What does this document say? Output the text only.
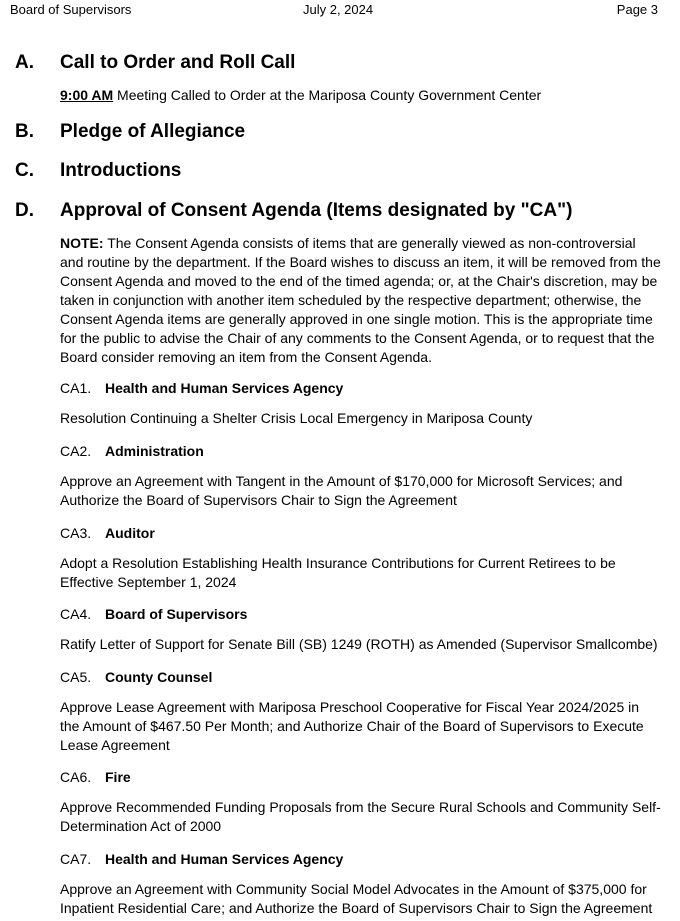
Board of Supervisors	July 2, 2024	Page 3
A. Call to Order and Roll Call
9:00 AM Meeting Called to Order at the Mariposa County Government Center
B. Pledge of Allegiance
C. Introductions
D. Approval of Consent Agenda (Items designated by "CA")
NOTE: The Consent Agenda consists of items that are generally viewed as non-controversial and routine by the department. If the Board wishes to discuss an item, it will be removed from the Consent Agenda and moved to the end of the timed agenda; or, at the Chair's discretion, may be taken in conjunction with another item scheduled by the respective department; otherwise, the Consent Agenda items are generally approved in one single motion. This is the appropriate time for the public to advise the Chair of any comments to the Consent Agenda, or to request that the Board consider removing an item from the Consent Agenda.
CA1. Health and Human Services Agency
Resolution Continuing a Shelter Crisis Local Emergency in Mariposa County
CA2. Administration
Approve an Agreement with Tangent in the Amount of $170,000 for Microsoft Services; and Authorize the Board of Supervisors Chair to Sign the Agreement
CA3. Auditor
Adopt a Resolution Establishing Health Insurance Contributions for Current Retirees to be Effective September 1, 2024
CA4. Board of Supervisors
Ratify Letter of Support for Senate Bill (SB) 1249 (ROTH) as Amended (Supervisor Smallcombe)
CA5. County Counsel
Approve Lease Agreement with Mariposa Preschool Cooperative for Fiscal Year 2024/2025 in the Amount of $467.50 Per Month; and Authorize Chair of the Board of Supervisors to Execute Lease Agreement
CA6. Fire
Approve Recommended Funding Proposals from the Secure Rural Schools and Community Self-Determination Act of 2000
CA7. Health and Human Services Agency
Approve an Agreement with Community Social Model Advocates in the Amount of $375,000 for Inpatient Residential Care; and Authorize the Board of Supervisors Chair to Sign the Agreement
